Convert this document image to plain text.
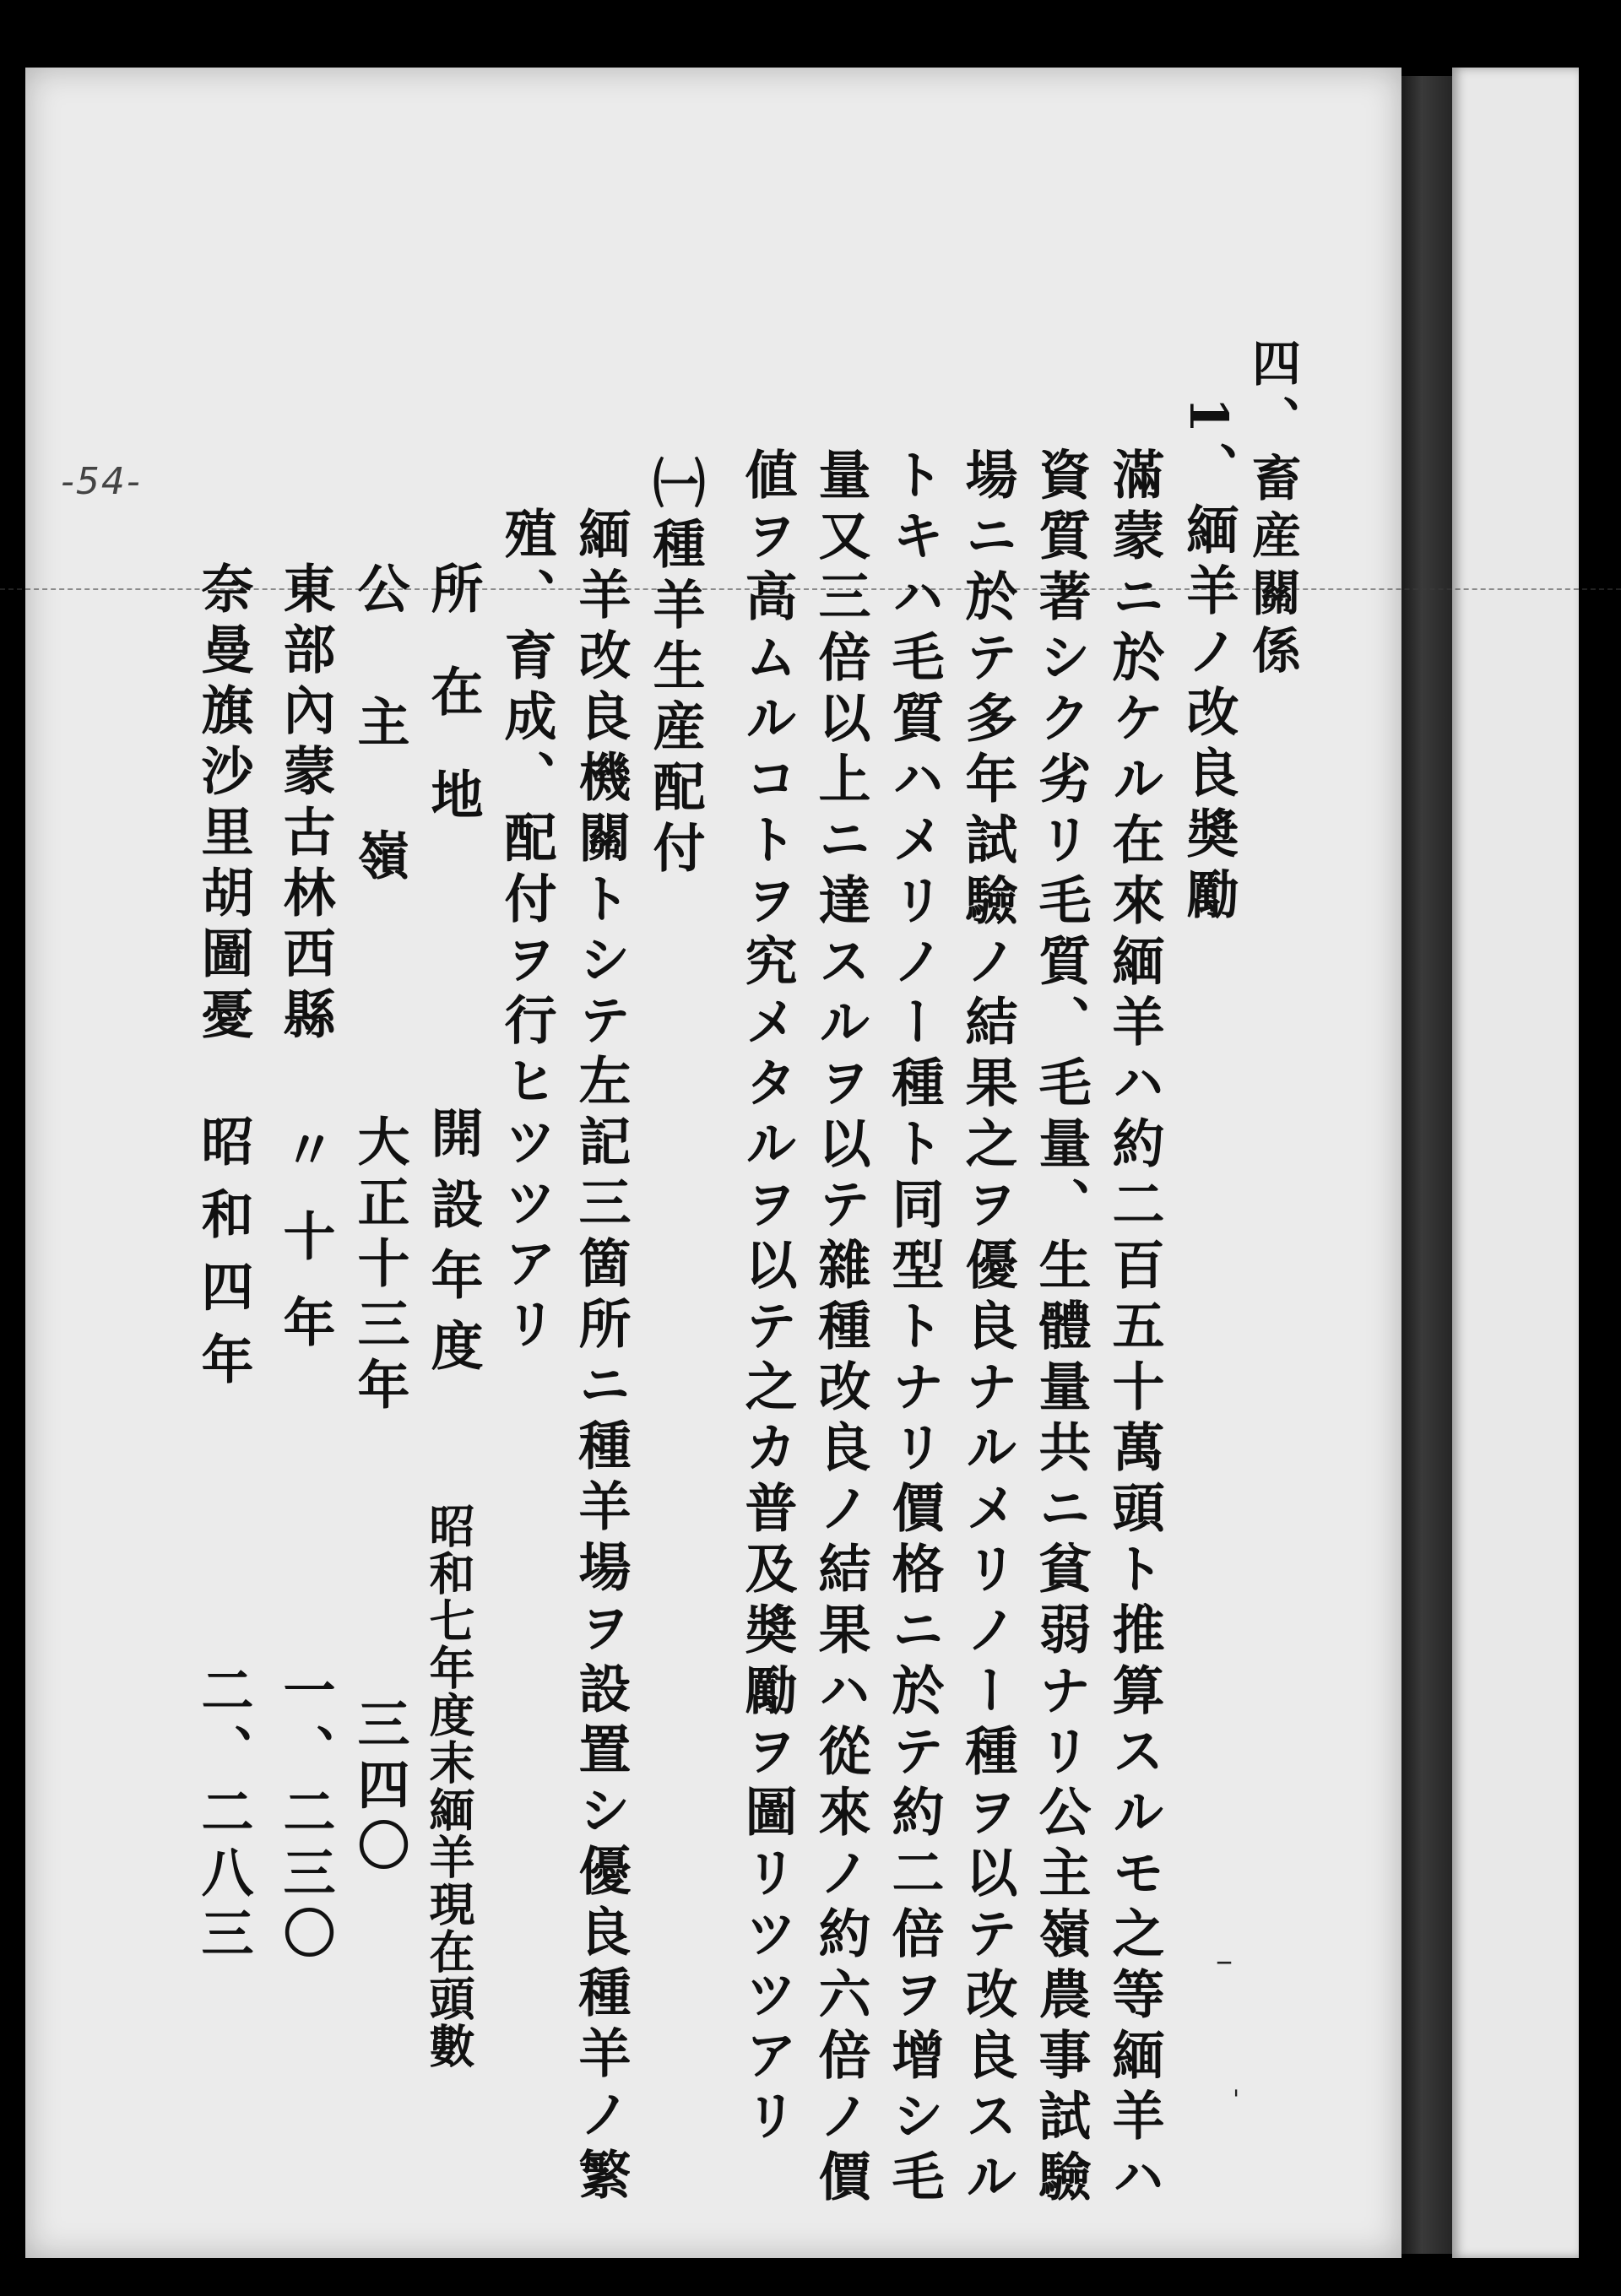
-54-	四、畜産關係
1、緬羊ノ改良奬勵
滿蒙ニ於ケル在來緬羊ハ約二百五十萬頭ト推算スルモ之等緬羊ハ
資質著シク劣リ毛質、毛量、生體量共ニ貧弱ナリ公主嶺農事試驗
場ニ於テ多年試驗ノ結果之ヲ優良ナルメリノー種ヲ以テ改良スル
トキハ毛質ハメリノー種ト同型トナリ價格ニ於テ約二倍ヲ增シ毛
量又三倍以上ニ達スルヲ以テ雜種改良ノ結果ハ從來ノ約六倍ノ價
値ヲ高ムルコトヲ究メタルヲ以テ之カ普及奬勵ヲ圖リツツアリ
㈠種羊生産配付
緬羊改良機關トシテ左記三箇所ニ種羊場ヲ設置シ優良種羊ノ繁
殖、育成、配付ヲ行ヒツツアリ
所在地
開設年度
昭和七年度末緬羊現在頭數
公主嶺
大正十三年
三四〇
東部內蒙古林西縣
〃十年
一、二三〇
奈曼旗沙里胡圖憂
昭和四年
二、二八三	–
'
